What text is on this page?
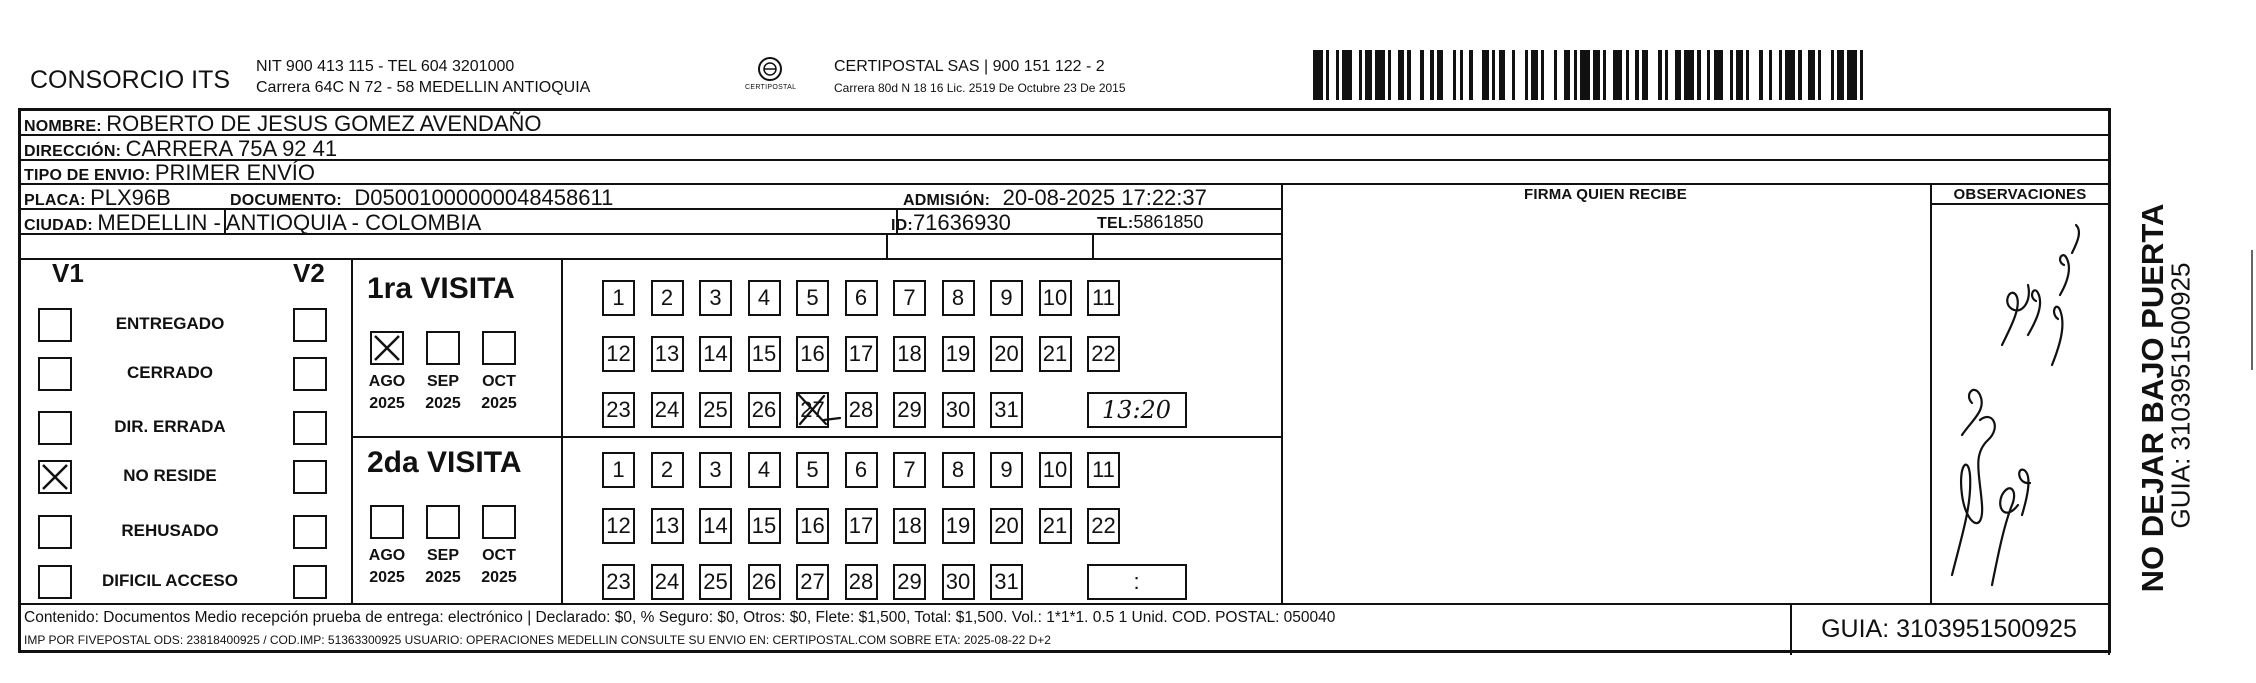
CONSORCIO ITS NIT 900 413 115 - TEL 604 3201000
Carrera 64C N 72 - 58 MEDELLIN ANTIOQUIA	CERTIPOSTAL
CERTIPOSTAL SAS | 900 151 122 - 2
Carrera 80d N 18 16 Lic. 2519 De Octubre 23 De 2015
NOMBRE: ROBERTO DE JESUS GOMEZ AVENDAÑO
DIRECCIÓN: CARRERA 75A 92 41
TIPO DE ENVIO: PRIMER ENVÍO
FIRMA QUIEN RECIBE	OBSERVACIONES
PLACA: PLX96B	DOCUMENTO: D05001000000048458611	ADMISIÓN: 20-08-2025 17:22:37
CIUDAD: MEDELLIN - ANTIOQUIA - COLOMBIA	ID:71636930	TEL:5861850
V1	V2
ENTREGADO
CERRADO
DIR. ERRADA
NO RESIDE
REHUSADO
DIFICIL ACCESO
1ra VISITA
2da VISITA
AGO
2025
SEP
2025
OCT
2025
AGO
2025
SEP
2025
OCT
2025
1	2	3	4	5	6	7	8	9	10 11
12 13 14 15 16 17 18 19 20 21 22
23 24 25 26 27 28 29 30 31	13:20
1	2	3	4	5	6	7	8	9	10 11
12 13 14 15 16 17 18 19 20 21 22
23 24 25 26 27 28 29 30 31	:
Contenido: Documentos Medio recepción prueba de entrega: electrónico | Declarado: $0, % Seguro: $0, Otros: $0, Flete: $1,500, Total: $1,500. Vol.: 1*1*1. 0.5 1 Unid. COD. POSTAL: 050040
IMP POR FIVEPOSTAL ODS: 23818400925 / COD.IMP: 51363300925 USUARIO: OPERACIONES MEDELLIN CONSULTE SU ENVIO EN: CERTIPOSTAL.COM SOBRE ETA: 2025-08-22 D+2	GUIA: 3103951500925
NO DEJAR BAJO PUERTA
GUIA: 3103951500925
